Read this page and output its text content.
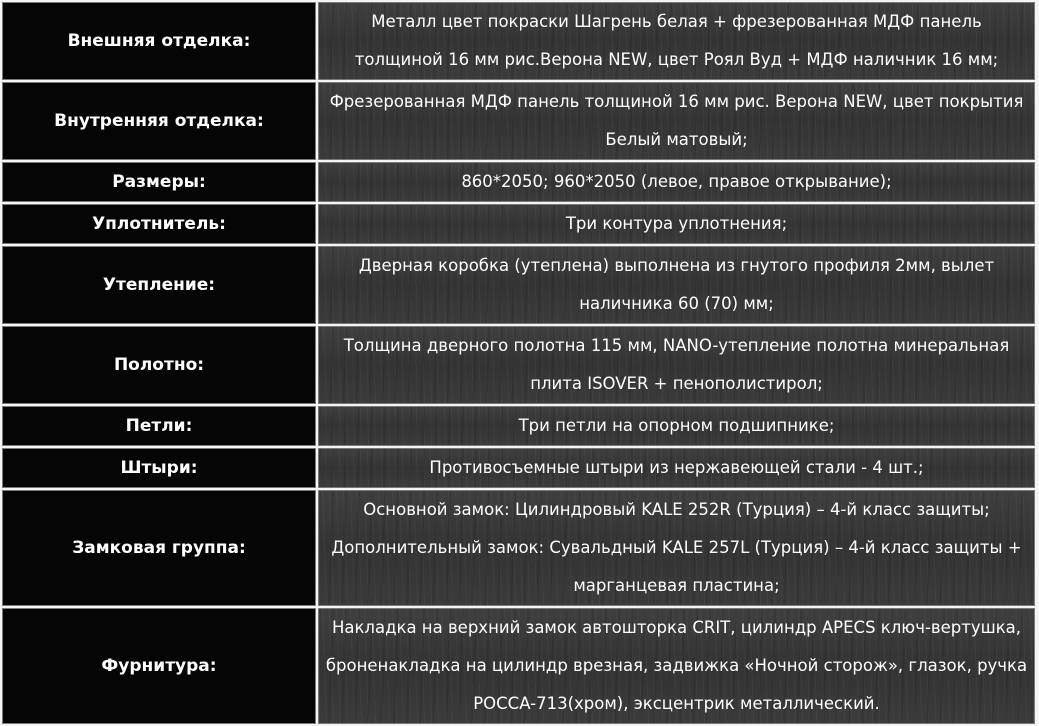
Внешняя отделка:	Металл цвет покраски Шагрень белая + фрезерованная МДФ панель толщиной 16 мм рис.Верона NEW, цвет Роял Вуд + МДФ наличник 16 мм;
Внутренняя отделка:	Фрезерованная МДФ панель толщиной 16 мм рис. Верона NEW, цвет покрытия Белый матовый;
Размеры:	860*2050; 960*2050 (левое, правое открывание);
Уплотнитель:	Три контура уплотнения;
Утепление:	Дверная коробка (утеплена) выполнена из гнутого профиля 2мм, вылет наличника 60 (70) мм;
Полотно:	Толщина дверного полотна 115 мм, NANO-утепление полотна минеральная плита ISOVER + пенополистирол;
Петли:	Три петли на опорном подшипнике;
Штыри:	Противосъемные штыри из нержавеющей стали - 4 шт.;
Замковая группа:	Основной замок: Цилиндровый KALE 252R (Турция) – 4-й класс защиты; Дополнительный замок: Сувальдный KALE 257L (Турция) – 4-й класс защиты + марганцевая пластина;
Фурнитура:	Накладка на верхний замок автошторка CRIT, цилиндр APECS ключ-вертушка, броненакладка на цилиндр врезная, задвижка «Ночной сторож», глазок, ручка POCCA-713(хром), эксцентрик металлический.
